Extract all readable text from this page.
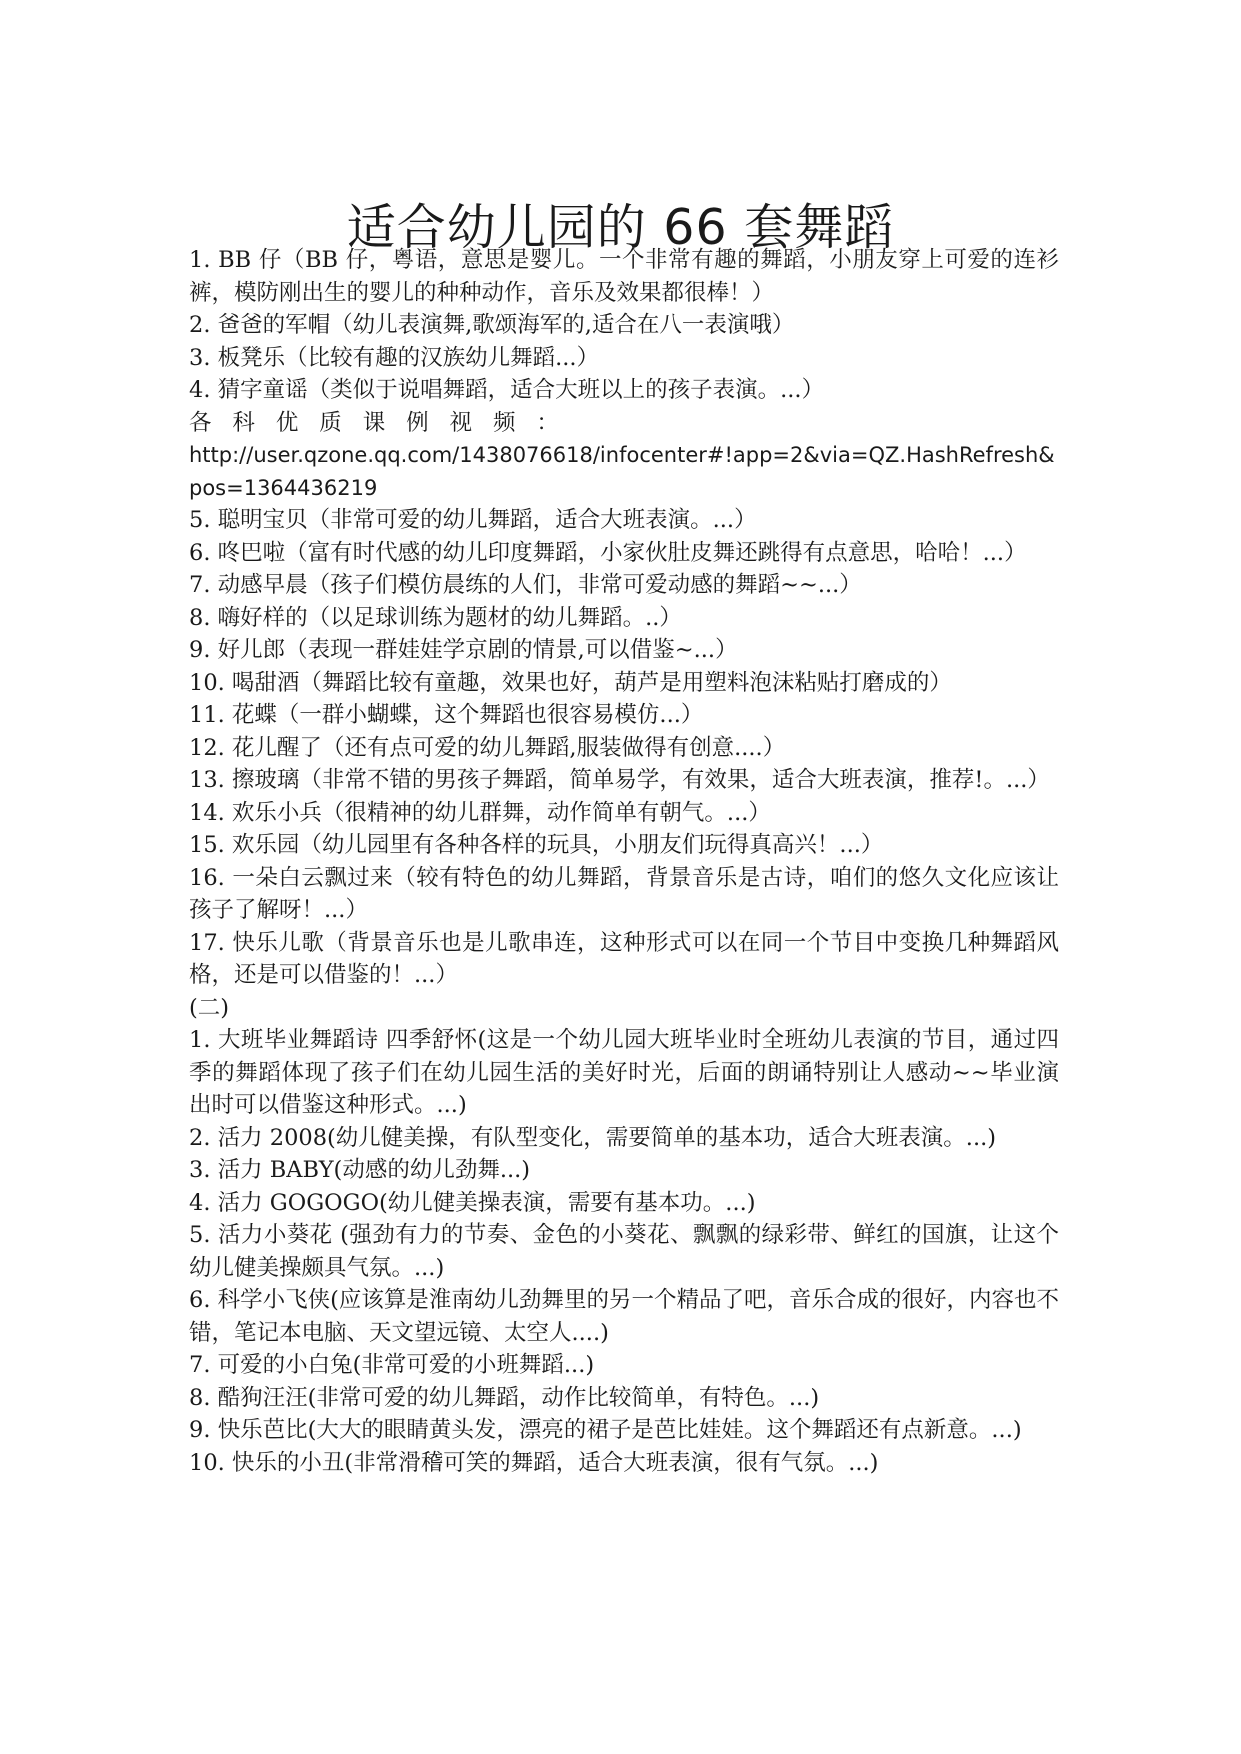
适合幼儿园的 66 套舞蹈

1. BB 仔（BB 仔，粤语，意思是婴儿。一个非常有趣的舞蹈，小朋友穿上可爱的连衫裤，模防刚出生的婴儿的种种动作，音乐及效果都很棒！）

2. 爸爸的军帽（幼儿表演舞,歌颂海军的,适合在八一表演哦）

3. 板凳乐（比较有趣的汉族幼儿舞蹈...）

4. 猜字童谣（类似于说唱舞蹈，适合大班以上的孩子表演。...）

各 科 优 质 课 例 视 频 ：

http://user.qzone.qq.com/1438076618/infocenter#!app=2&via=QZ.HashRefresh&pos=1364436219

5. 聪明宝贝（非常可爱的幼儿舞蹈，适合大班表演。...）

6. 咚巴啦（富有时代感的幼儿印度舞蹈，小家伙肚皮舞还跳得有点意思，哈哈！...）

7. 动感早晨（孩子们模仿晨练的人们，非常可爱动感的舞蹈~~...）

8. 嗨好样的（以足球训练为题材的幼儿舞蹈。..）

9. 好儿郎（表现一群娃娃学京剧的情景,可以借鉴~...）

10. 喝甜酒（舞蹈比较有童趣，效果也好，葫芦是用塑料泡沫粘贴打磨成的）

11. 花蝶（一群小蝴蝶，这个舞蹈也很容易模仿...）

12. 花儿醒了（还有点可爱的幼儿舞蹈,服装做得有创意....）

13. 擦玻璃（非常不错的男孩子舞蹈，简单易学，有效果，适合大班表演，推荐!。...）

14. 欢乐小兵（很精神的幼儿群舞，动作简单有朝气。...）

15. 欢乐园（幼儿园里有各种各样的玩具，小朋友们玩得真高兴！...）

16. 一朵白云飘过来（较有特色的幼儿舞蹈，背景音乐是古诗，咱们的悠久文化应该让孩子了解呀！...）

17. 快乐儿歌（背景音乐也是儿歌串连，这种形式可以在同一个节目中变换几种舞蹈风格，还是可以借鉴的！...）

(二)

1. 大班毕业舞蹈诗 四季舒怀(这是一个幼儿园大班毕业时全班幼儿表演的节目，通过四季的舞蹈体现了孩子们在幼儿园生活的美好时光，后面的朗诵特别让人感动~~毕业演出时可以借鉴这种形式。...)

2. 活力 2008(幼儿健美操，有队型变化，需要简单的基本功，适合大班表演。...)

3. 活力 BABY(动感的幼儿劲舞...)

4. 活力 GOGOGO(幼儿健美操表演，需要有基本功。...)

5. 活力小葵花 (强劲有力的节奏、金色的小葵花、飘飘的绿彩带、鲜红的国旗，让这个幼儿健美操颇具气氛。...)

6. 科学小飞侠(应该算是淮南幼儿劲舞里的另一个精品了吧，音乐合成的很好，内容也不错，笔记本电脑、天文望远镜、太空人....)

7. 可爱的小白兔(非常可爱的小班舞蹈...)

8. 酷狗汪汪(非常可爱的幼儿舞蹈，动作比较简单，有特色。...)

9. 快乐芭比(大大的眼睛黄头发，漂亮的裙子是芭比娃娃。这个舞蹈还有点新意。...)

10. 快乐的小丑(非常滑稽可笑的舞蹈，适合大班表演，很有气氛。...)
